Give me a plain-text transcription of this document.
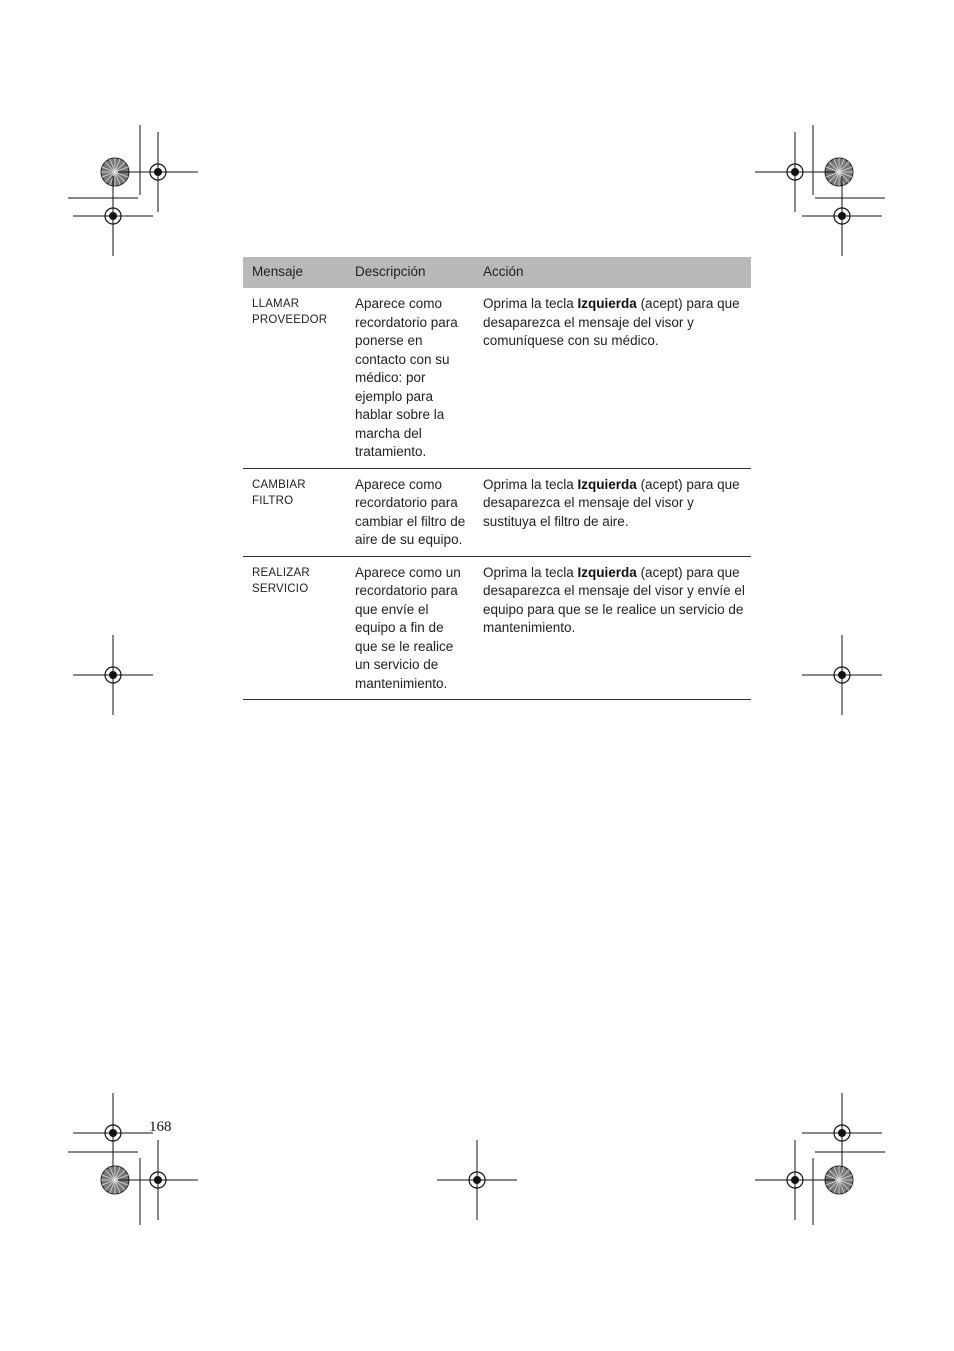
Mensaje	Descripción	Acción
LLAMAR PROVEEDOR	Aparece como recordatorio para ponerse en contacto con su médico: por ejemplo para hablar sobre la marcha del tratamiento.	Oprima la tecla Izquierda (acept) para que desaparezca el mensaje del visor y comuníquese con su médico.
CAMBIAR FILTRO	Aparece como recordatorio para cambiar el filtro de aire de su equipo.	Oprima la tecla Izquierda (acept) para que desaparezca el mensaje del visor y sustituya el filtro de aire.
REALIZAR SERVICIO	Aparece como un recordatorio para que envíe el equipo a fin de que se le realice un servicio de mantenimiento.	Oprima la tecla Izquierda (acept) para que desaparezca el mensaje del visor y envíe el equipo para que se le realice un servicio de mantenimiento.
168
